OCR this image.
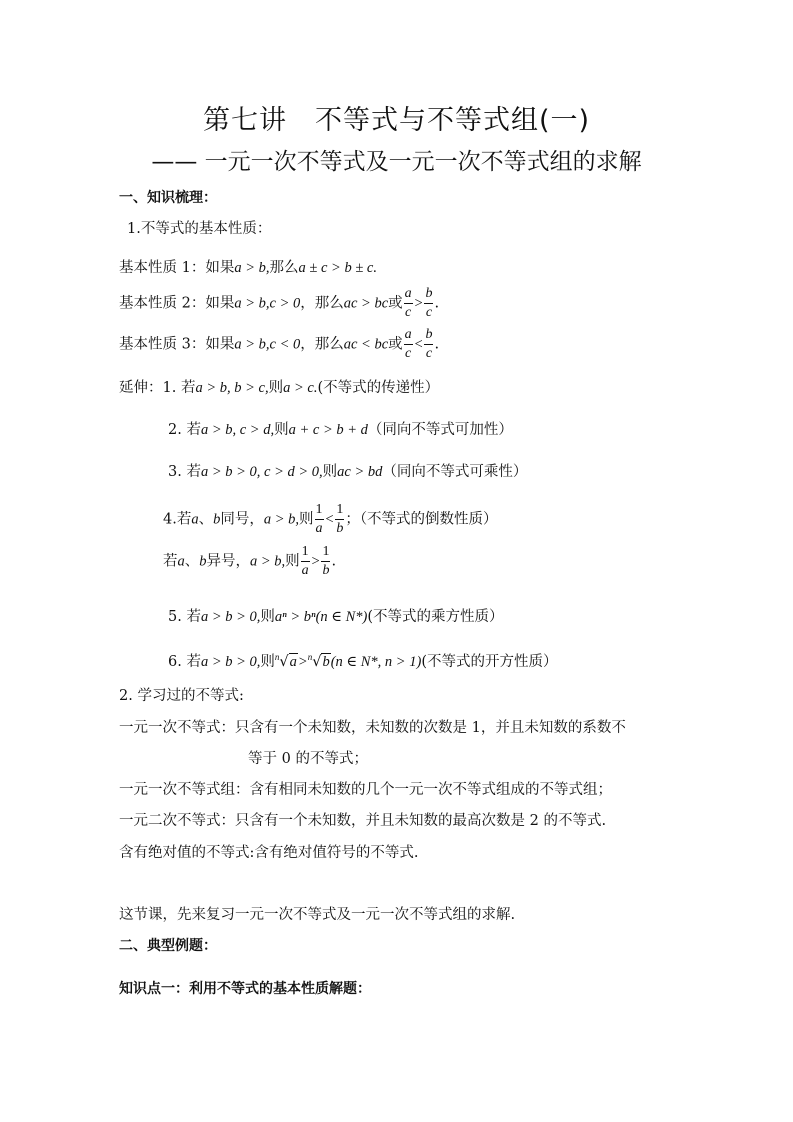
第七讲　不等式与不等式组(一)
—— 一元一次不等式及一元一次不等式组的求解
一、知识梳理：
1.不等式的基本性质：
基本性质 1：如果a > b,那么a ± c > b ± c.
基本性质 2：如果a > b,c > 0，那么ac > bc或 $\frac{a}{c} > \frac{b}{c}$ .
基本性质 3：如果a > b,c < 0，那么ac < bc或 $\frac{a}{c} < \frac{b}{c}$ .
延伸：1. 若a > b, b > c,则a > c.(不等式的传递性）
2. 若a > b, c > d,则a + c > b + d（同向不等式可加性）
3. 若a > b > 0, c > d > 0,则ac > bd（同向不等式可乘性）
4.若a、b同号，a > b,则 $\frac{1}{a} < \frac{1}{b}$ ；（不等式的倒数性质）
若a、b异号，a > b,则 $\frac{1}{a} > \frac{1}{b}$ .
5. 若a > b > 0,则aⁿ > bⁿ(n ∈ N*)(不等式的乘方性质）
6. 若a > b > 0,则$^n$√a>$^n$√b(n ∈ N*, n > 1)(不等式的开方性质）
2. 学习过的不等式:
一元一次不等式：只含有一个未知数，未知数的次数是 1，并且未知数的系数不
等于 0 的不等式；
一元一次不等式组：含有相同未知数的几个一元一次不等式组成的不等式组；
一元二次不等式：只含有一个未知数，并且未知数的最高次数是 2 的不等式.
含有绝对值的不等式:含有绝对值符号的不等式.
这节课，先来复习一元一次不等式及一元一次不等式组的求解.
二、典型例题：
知识点一：利用不等式的基本性质解题：
